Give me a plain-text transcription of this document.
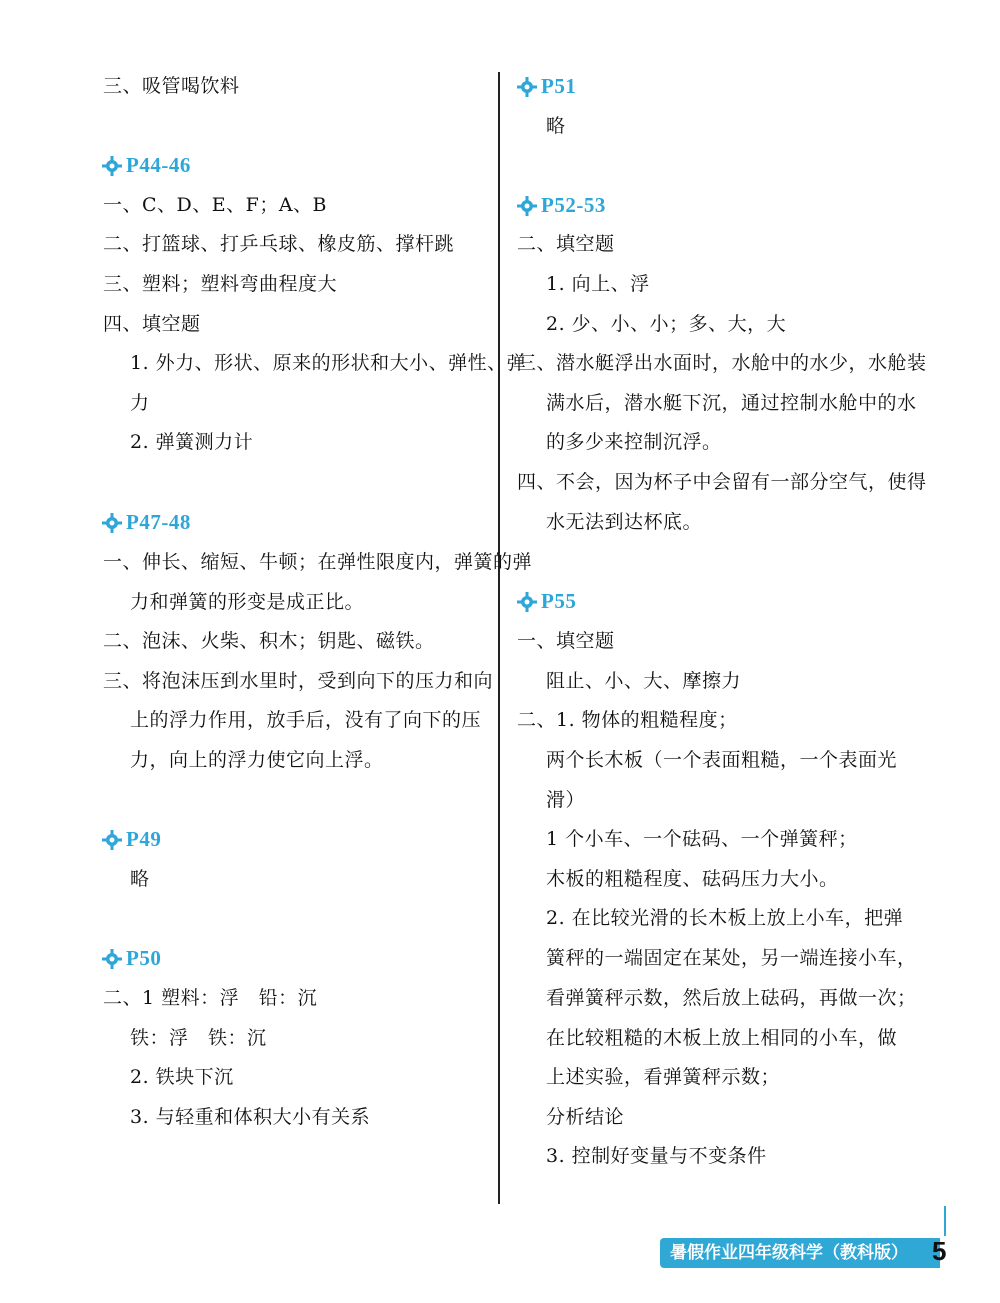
三、吸管喝饮料
P44-46
一、C、D、E、F；A、B
二、打篮球、打乒乓球、橡皮筋、撑杆跳
三、塑料；塑料弯曲程度大
四、填空题
1. 外力、形状、原来的形状和大小、弹性、弹
力
2. 弹簧测力计
P47-48
一、伸长、缩短、牛顿；在弹性限度内，弹簧的弹
力和弹簧的形变是成正比。
二、泡沫、火柴、积木；钥匙、磁铁。
三、将泡沫压到水里时，受到向下的压力和向
上的浮力作用，放手后，没有了向下的压
力，向上的浮力使它向上浮。
P49
略
P50
二、1 塑料：浮　铅：沉
铁：浮　铁：沉
2. 铁块下沉
3. 与轻重和体积大小有关系
P51
略
P52-53
二、填空题
1. 向上、浮
2. 少、小、小；多、大，大
三、潜水艇浮出水面时，水舱中的水少，水舱装
满水后，潜水艇下沉，通过控制水舱中的水
的多少来控制沉浮。
四、不会，因为杯子中会留有一部分空气，使得
水无法到达杯底。
P55
一、填空题
阻止、小、大、摩擦力
二、1. 物体的粗糙程度；
两个长木板（一个表面粗糙，一个表面光
滑）
1 个小车、一个砝码、一个弹簧秤；
木板的粗糙程度、砝码压力大小。
2. 在比较光滑的长木板上放上小车，把弹
簧秤的一端固定在某处，另一端连接小车，
看弹簧秤示数，然后放上砝码，再做一次；
在比较粗糙的木板上放上相同的小车，做
上述实验，看弹簧秤示数；
分析结论
3. 控制好变量与不变条件
暑假作业四年级科学（教科版） 5
